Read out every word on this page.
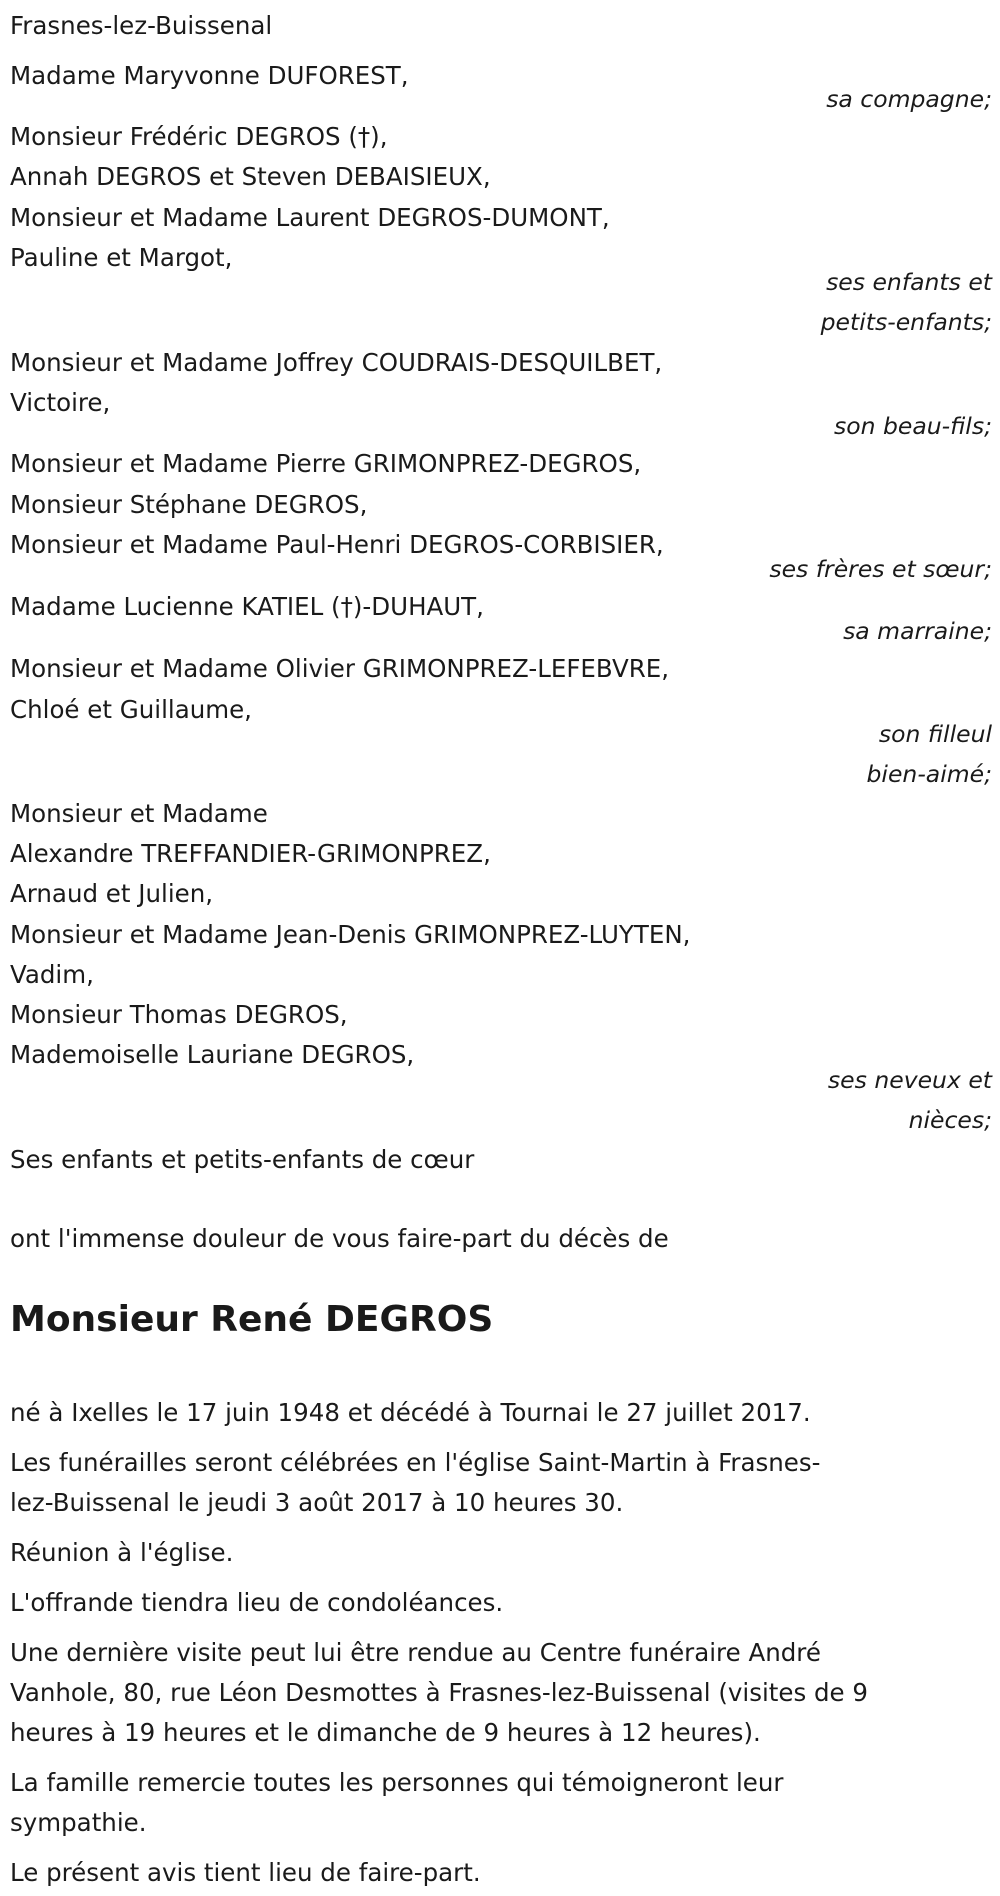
Frasnes-lez-Buissenal
Madame Maryvonne DUFOREST,
sa compagne;
Monsieur Frédéric DEGROS (†),
Annah DEGROS et Steven DEBAISIEUX,
Monsieur et Madame Laurent DEGROS-DUMONT,
Pauline et Margot,
ses enfants et
petits-enfants;
Monsieur et Madame Joffrey COUDRAIS-DESQUILBET,
Victoire,
son beau-fils;
Monsieur et Madame Pierre GRIMONPREZ-DEGROS,
Monsieur Stéphane DEGROS,
Monsieur et Madame Paul-Henri DEGROS-CORBISIER,
ses frères et sœur;
Madame Lucienne KATIEL (†)-DUHAUT,
sa marraine;
Monsieur et Madame Olivier GRIMONPREZ-LEFEBVRE,
Chloé et Guillaume,
son filleul
bien-aimé;
Monsieur et Madame
Alexandre TREFFANDIER-GRIMONPREZ,
Arnaud et Julien,
Monsieur et Madame Jean-Denis GRIMONPREZ-LUYTEN,
Vadim,
Monsieur Thomas DEGROS,
Mademoiselle Lauriane DEGROS,
ses neveux et
nièces;
Ses enfants et petits-enfants de cœur
ont l'immense douleur de vous faire-part du décès de
Monsieur René DEGROS
né à Ixelles le 17 juin 1948 et décédé à Tournai le 27 juillet 2017.
Les funérailles seront célébrées en l'église Saint-Martin à Frasnes-
lez-Buissenal le jeudi 3 août 2017 à 10 heures 30.
Réunion à l'église.
L'offrande tiendra lieu de condoléances.
Une dernière visite peut lui être rendue au Centre funéraire André
Vanhole, 80, rue Léon Desmottes à Frasnes-lez-Buissenal (visites de 9
heures à 19 heures et le dimanche de 9 heures à 12 heures).
La famille remercie toutes les personnes qui témoigneront leur
sympathie.
Le présent avis tient lieu de faire-part.
